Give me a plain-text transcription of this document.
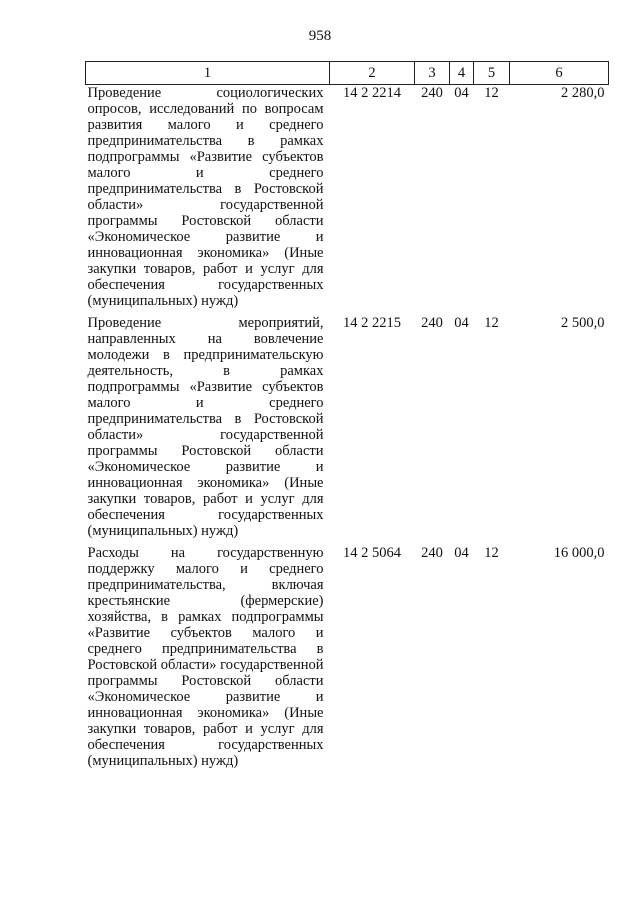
958
1	2	3	4	5	6
Проведение социологических опросов, исследований по вопросам развития малого и среднего предпринимательства в рамках подпрограммы «Развитие субъектов малого и среднего предпринимательства в Ростовской области» государственной программы Ростовской области «Экономическое развитие и инновационная экономика» (Иные закупки товаров, работ и услуг для обеспечения государственных (муниципальных) нужд)	14 2 2214	240	04	12	2 280,0
Проведение мероприятий, направленных на вовлечение молодежи в предпринимательскую деятельность, в рамках подпрограммы «Развитие субъектов малого и среднего предпринимательства в Ростовской области» государственной программы Ростовской области «Экономическое развитие и инновационная экономика» (Иные закупки товаров, работ и услуг для обеспечения государственных (муниципальных) нужд)	14 2 2215	240	04	12	2 500,0
Расходы на государственную поддержку малого и среднего предпринимательства, включая крестьянские (фермерские) хозяйства, в рамках подпрограммы «Развитие субъектов малого и среднего предпринимательства в Ростовской области» государственной программы Ростовской области «Экономическое развитие и инновационная экономика» (Иные закупки товаров, работ и услуг для обеспечения государственных (муниципальных) нужд)	14 2 5064	240	04	12	16 000,0
